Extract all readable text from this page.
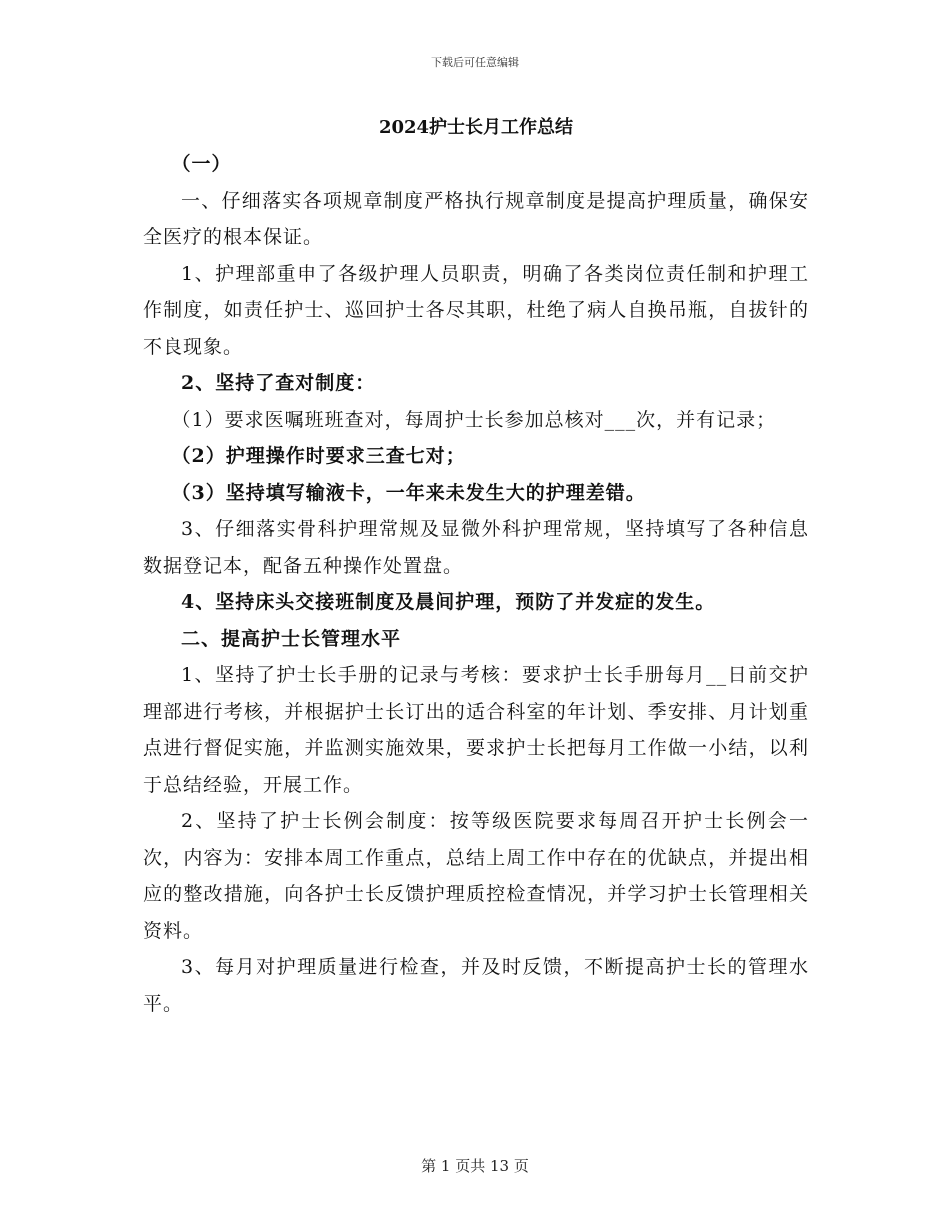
下载后可任意编辑
2024护士长月工作总结

（一）

一、仔细落实各项规章制度严格执行规章制度是提高护理质量，确保安全医疗的根本保证。

1、护理部重申了各级护理人员职责，明确了各类岗位责任制和护理工作制度，如责任护士、巡回护士各尽其职，杜绝了病人自换吊瓶，自拔针的不良现象。

2、坚持了查对制度：

（1）要求医嘱班班查对，每周护士长参加总核对___次，并有记录；

（2）护理操作时要求三查七对；

（3）坚持填写输液卡，一年来未发生大的护理差错。

3、仔细落实骨科护理常规及显微外科护理常规，坚持填写了各种信息数据登记本，配备五种操作处置盘。

4、坚持床头交接班制度及晨间护理，预防了并发症的发生。

二、提高护士长管理水平

1、坚持了护士长手册的记录与考核：要求护士长手册每月__日前交护理部进行考核，并根据护士长订出的适合科室的年计划、季安排、月计划重点进行督促实施，并监测实施效果，要求护士长把每月工作做一小结，以利于总结经验，开展工作。

2、坚持了护士长例会制度：按等级医院要求每周召开护士长例会一次，内容为：安排本周工作重点，总结上周工作中存在的优缺点，并提出相应的整改措施，向各护士长反馈护理质控检查情况，并学习护士长管理相关资料。

3、每月对护理质量进行检查，并及时反馈，不断提高护士长的管理水平。

第 1 页共 13 页
